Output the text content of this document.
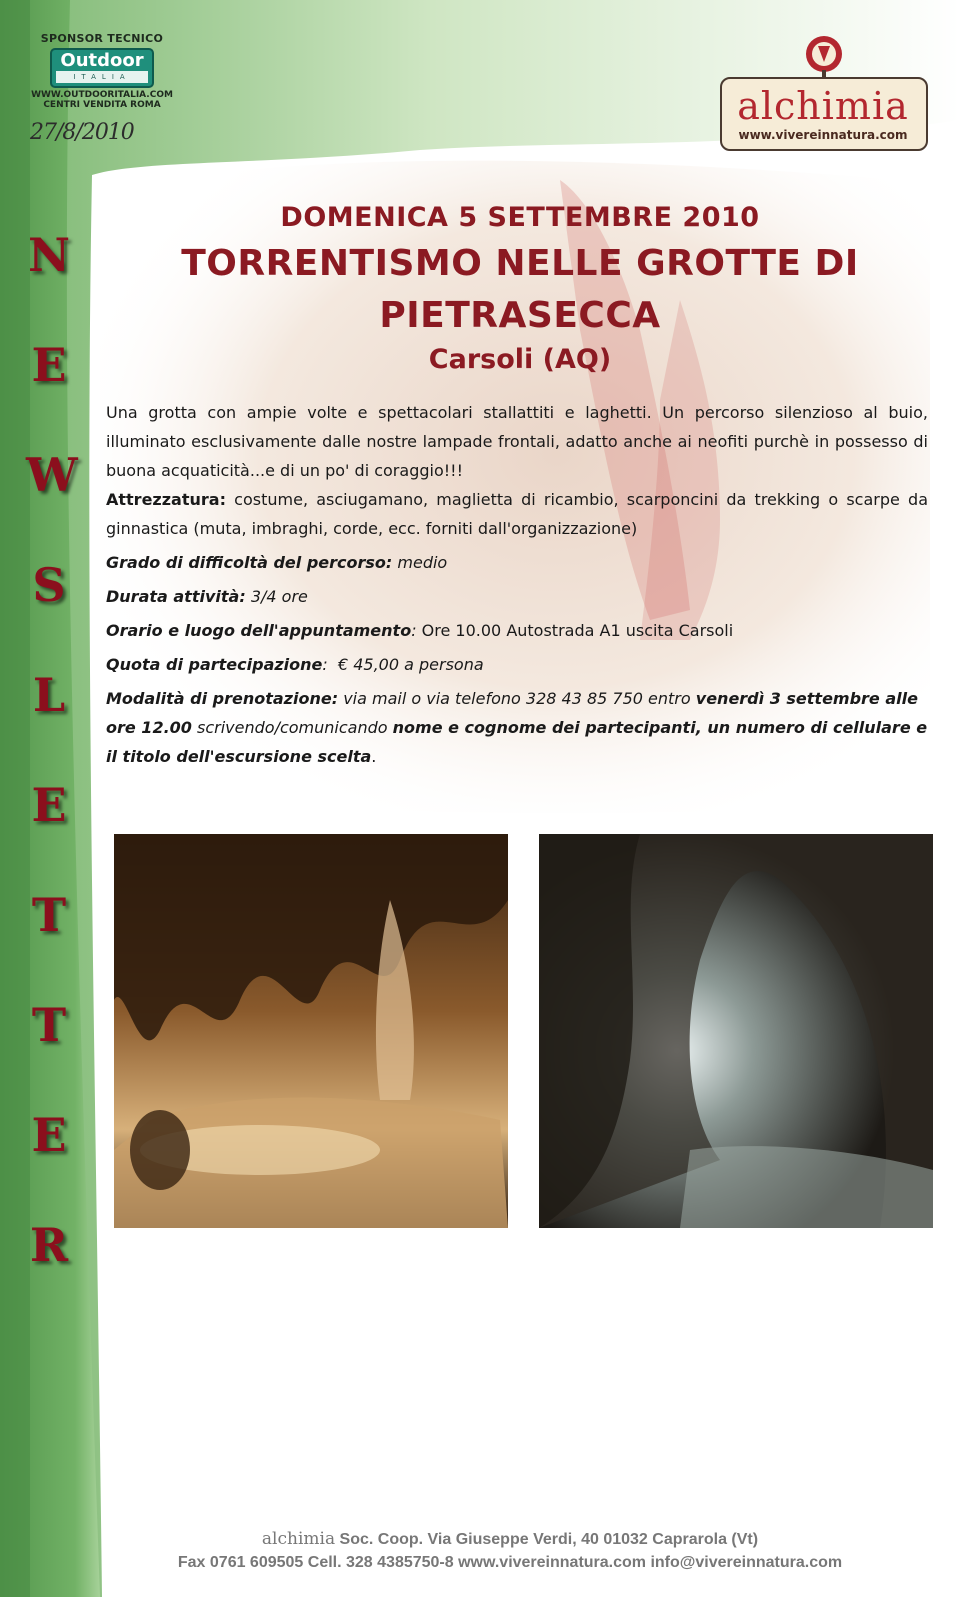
SPONSOR TECNICO
Outdoor
ITALIA
WWW.OUTDOORITALIA.COM
CENTRI VENDITA ROMA
27/8/2010
N
E
W
S
L
E
T
T
E
R
alchimia
www.vivereinnatura.com
DOMENICA 5 SETTEMBRE 2010
TORRENTISMO NELLE GROTTE DI PIETRASECCA
Carsoli (AQ)

Una grotta con ampie volte e spettacolari stallattiti e laghetti. Un percorso silenzioso al buio, illuminato esclusivamente dalle nostre lampade frontali, adatto anche ai neofiti purchè in possesso di buona acquaticità...e di un po' di coraggio!!!

Attrezzatura: costume, asciugamano, maglietta di ricambio, scarponcini da trekking o scarpe da ginnastica (muta, imbraghi, corde, ecc. forniti dall'organizzazione)

Grado di difficoltà del percorso: medio

Durata attività: 3/4 ore

Orario e luogo dell'appuntamento: Ore 10.00 Autostrada A1 uscita Carsoli

Quota di partecipazione: € 45,00 a persona

Modalità di prenotazione: via mail o via telefono 328 43 85 750 entro venerdì 3 settembre alle ore 12.00 scrivendo/comunicando nome e cognome dei partecipanti, un numero di cellulare e il titolo dell'escursione scelta.

alchimia Soc. Coop. Via Giuseppe Verdi, 40 01032 Caprarola (Vt)
Fax 0761 609505 Cell. 328 4385750-8 www.vivereinnatura.com info@vivereinnatura.com
